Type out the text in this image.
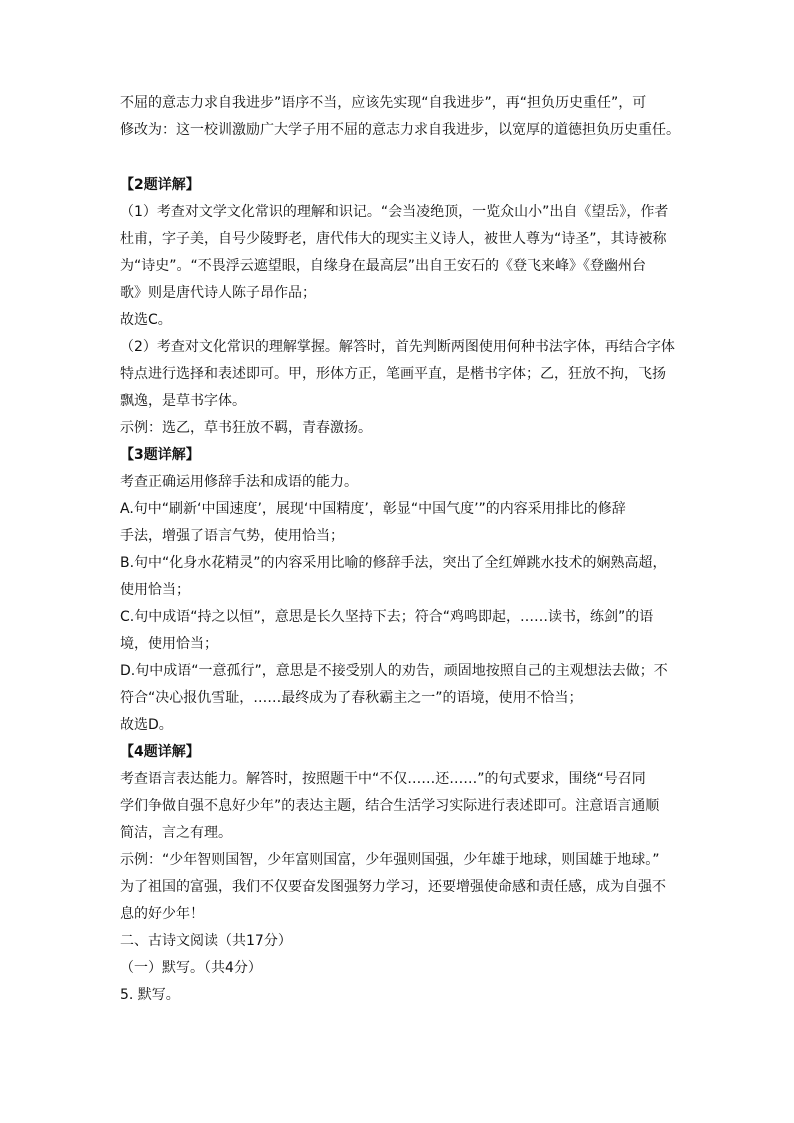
不屈的意志力求自我进步”语序不当，应该先实现“自我进步”，再“担负历史重任”，可
修改为：这一校训激励广大学子用不屈的意志力求自我进步，以宽厚的道德担负历史重任。
【2题详解】
（1）考查对文学文化常识的理解和识记。“会当凌绝顶，一览众山小”出自《望岳》，作者
杜甫，字子美，自号少陵野老，唐代伟大的现实主义诗人，被世人尊为“诗圣”，其诗被称
为“诗史”。“不畏浮云遮望眼，自缘身在最高层”出自王安石的《登飞来峰》《登幽州台
歌》则是唐代诗人陈子昂作品；
故选C。
（2）考查对文化常识的理解掌握。解答时，首先判断两图使用何种书法字体，再结合字体
特点进行选择和表述即可。甲，形体方正，笔画平直，是楷书字体；乙，狂放不拘，飞扬
飘逸，是草书字体。
示例：选乙，草书狂放不羁，青春激扬。
【3题详解】
考查正确运用修辞手法和成语的能力。
A.句中“刷新‘中国速度’，展现‘中国精度’，彰显“中国气度’”的内容采用排比的修辞
手法，增强了语言气势，使用恰当；
B.句中“化身水花精灵”的内容采用比喻的修辞手法，突出了全红婵跳水技术的娴熟高超，
使用恰当；
C.句中成语“持之以恒”，意思是长久坚持下去；符合“鸡鸣即起，……读书，练剑”的语
境，使用恰当；
D.句中成语“一意孤行”，意思是不接受别人的劝告，顽固地按照自己的主观想法去做；不
符合“决心报仇雪耻，……最终成为了春秋霸主之一”的语境，使用不恰当；
故选D。
【4题详解】
考查语言表达能力。解答时，按照题干中“不仅……还……”的句式要求，围绕“号召同
学们争做自强不息好少年”的表达主题，结合生活学习实际进行表述即可。注意语言通顺
简洁，言之有理。
示例：“少年智则国智，少年富则国富，少年强则国强，少年雄于地球，则国雄于地球。”
为了祖国的富强，我们不仅要奋发图强努力学习，还要增强使命感和责任感，成为自强不
息的好少年！
二、古诗文阅读（共17分）
（一）默写。（共4分）
5. 默写。
